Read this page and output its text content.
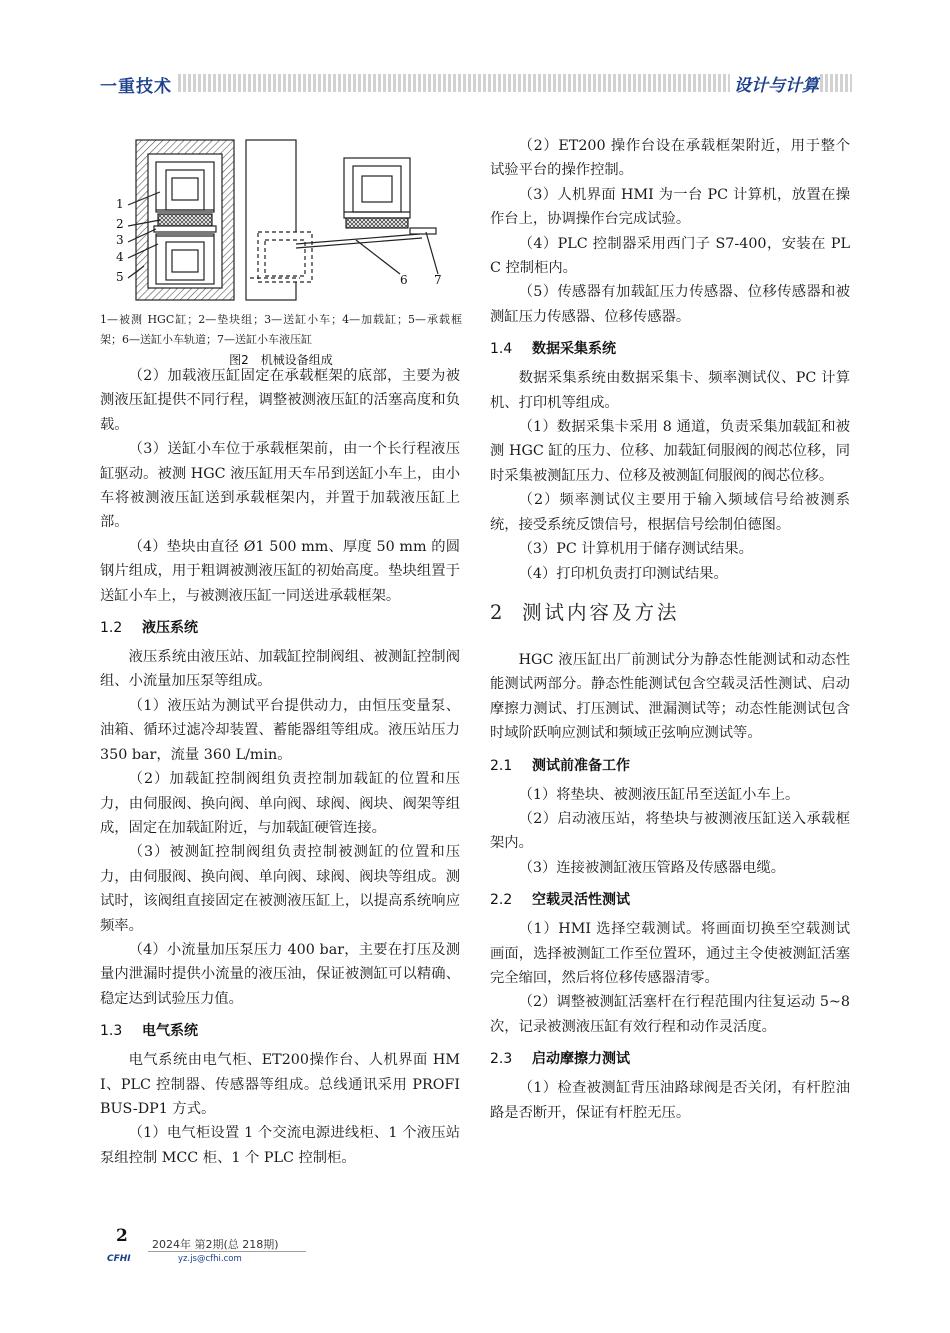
一重技术	设计与计算
1
2
3
4
5	6 7

1—被测 HGC缸；2—垫块组；3—送缸小车；4—加载缸；5—承载框架；6—送缸小车轨道；7—送缸小车液压缸

图2　机械设备组成

（2）加载液压缸固定在承载框架的底部，主要为被测液压缸提供不同行程，调整被测液压缸的活塞高度和负载。

（3）送缸小车位于承载框架前，由一个长行程液压缸驱动。被测 HGC 液压缸用天车吊到送缸小车上，由小车将被测液压缸送到承载框架内，并置于加载液压缸上部。

（4）垫块由直径 Ø1 500 mm、厚度 50 mm 的圆钢片组成，用于粗调被测液压缸的初始高度。垫块组置于送缸小车上，与被测液压缸一同送进承载框架。

1.2 液压系统

液压系统由液压站、加载缸控制阀组、被测缸控制阀组、小流量加压泵等组成。

（1）液压站为测试平台提供动力，由恒压变量泵、油箱、循环过滤冷却装置、蓄能器组等组成。液压站压力 350 bar，流量 360 L/min。

（2）加载缸控制阀组负责控制加载缸的位置和压力，由伺服阀、换向阀、单向阀、球阀、阀块、阀架等组成，固定在加载缸附近，与加载缸硬管连接。

（3）被测缸控制阀组负责控制被测缸的位置和压力，由伺服阀、换向阀、单向阀、球阀、阀块等组成。测试时，该阀组直接固定在被测液压缸上，以提高系统响应频率。

（4）小流量加压泵压力 400 bar，主要在打压及测量内泄漏时提供小流量的液压油，保证被测缸可以精确、稳定达到试验压力值。

1.3 电气系统

电气系统由电气柜、ET200操作台、人机界面 HMI、PLC 控制器、传感器等组成。总线通讯采用 PROFIBUS-DP1 方式。

（1）电气柜设置 1 个交流电源进线柜、1 个液压站泵组控制 MCC 柜、1 个 PLC 控制柜。

（2）ET200 操作台设在承载框架附近，用于整个试验平台的操作控制。

（3）人机界面 HMI 为一台 PC 计算机，放置在操作台上，协调操作台完成试验。

（4）PLC 控制器采用西门子 S7-400，安装在 PLC 控制柜内。

（5）传感器有加载缸压力传感器、位移传感器和被测缸压力传感器、位移传感器。

1.4 数据采集系统

数据采集系统由数据采集卡、频率测试仪、PC 计算机、打印机等组成。

（1）数据采集卡采用 8 通道，负责采集加载缸和被测 HGC 缸的压力、位移、加载缸伺服阀的阀芯位移，同时采集被测缸压力、位移及被测缸伺服阀的阀芯位移。

（2）频率测试仪主要用于输入频域信号给被测系统，接受系统反馈信号，根据信号绘制伯德图。

（3）PC 计算机用于储存测试结果。

（4）打印机负责打印测试结果。

2 测试内容及方法

HGC 液压缸出厂前测试分为静态性能测试和动态性能测试两部分。静态性能测试包含空载灵活性测试、启动摩擦力测试、打压测试、泄漏测试等；动态性能测试包含时域阶跃响应测试和频域正弦响应测试等。

2.1 测试前准备工作

（1）将垫块、被测液压缸吊至送缸小车上。

（2）启动液压站，将垫块与被测液压缸送入承载框架内。

（3）连接被测缸液压管路及传感器电缆。

2.2 空载灵活性测试

（1）HMI 选择空载测试。将画面切换至空载测试画面，选择被测缸工作至位置环，通过主令使被测缸活塞完全缩回，然后将位移传感器清零。

（2）调整被测缸活塞杆在行程范围内往复运动 5~8 次，记录被测液压缸有效行程和动作灵活度。

2.3 启动摩擦力测试

（1）检查被测缸背压油路球阀是否关闭，有杆腔油路是否断开，保证有杆腔无压。

2 2024年 第2期(总 218期)
CFHI	yz.js@cfhi.com
